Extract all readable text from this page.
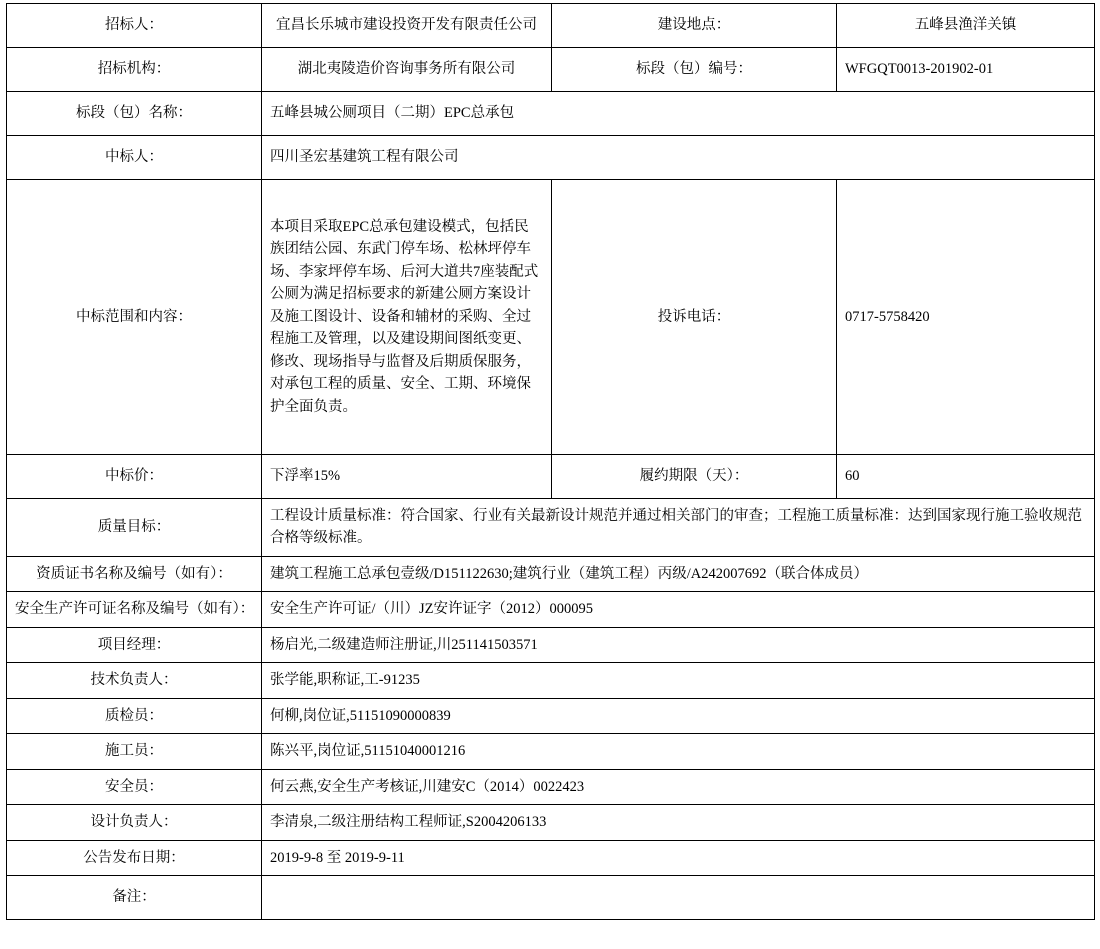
招标人：	宜昌长乐城市建设投资开发有限责任公司	建设地点：	五峰县渔洋关镇
招标机构：	湖北夷陵造价咨询事务所有限公司	标段（包）编号：	WFGQT0013-201902-01
标段（包）名称：	五峰县城公厕项目（二期）EPC总承包		
中标人：	四川圣宏基建筑工程有限公司		
中标范围和内容：	本项目采取EPC总承包建设模式，包括民族团结公园、东武门停车场、松林坪停车场、李家坪停车场、后河大道共7座装配式公厕为满足招标要求的新建公厕方案设计及施工图设计、设备和辅材的采购、全过程施工及管理，以及建设期间图纸变更、修改、现场指导与监督及后期质保服务，对承包工程的质量、安全、工期、环境保护全面负责。	投诉电话：	0717-5758420
中标价：	下浮率15%	履约期限（天）：	60
质量目标：	工程设计质量标准：符合国家、行业有关最新设计规范并通过相关部门的审查；工程施工质量标准：达到国家现行施工验收规范合格等级标准。		
资质证书名称及编号（如有）：	建筑工程施工总承包壹级/D151122630;建筑行业（建筑工程）丙级/A242007692（联合体成员）		
安全生产许可证名称及编号（如有）：	安全生产许可证/（川）JZ安许证字（2012）000095		
项目经理：	杨启光,二级建造师注册证,川251141503571		
技术负责人：	张学能,职称证,工-91235		
质检员：	何柳,岗位证,51151090000839		
施工员：	陈兴平,岗位证,51151040001216		
安全员：	何云燕,安全生产考核证,川建安C（2014）0022423		
设计负责人：	李清泉,二级注册结构工程师证,S2004206133		
公告发布日期：	2019-9-8 至 2019-9-11		
备注：			
